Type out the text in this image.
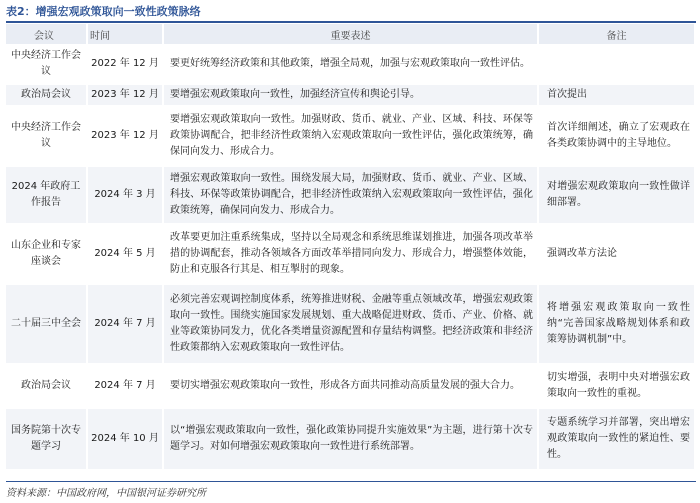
表2：增强宏观政策取向一致性政策脉络
会议	时间	重要表述	备注
中央经济工作会议	2022 年 12 月	要更好统筹经济政策和其他政策，增强全局观，加强与宏观政策取向一致性评估。	
政治局会议	2023 年 12 月	要增强宏观政策取向一致性，加强经济宣传和舆论引导。	首次提出
中央经济工作会议	2023 年 12 月	要增强宏观政策取向一致性。加强财政、货币、就业、产业、区域、科技、环保等政策协调配合，把非经济性政策纳入宏观政策取向一致性评估，强化政策统筹，确保同向发力、形成合力。	首次详细阐述，确立了宏观政在各类政策协调中的主导地位。
2024 年政府工作报告	2024 年 3 月	增强宏观政策取向一致性。围绕发展大局，加强财政、货币、就业、产业、区域、科技、环保等政策协调配合，把非经济性政策纳入宏观政策取向一致性评估，强化政策统筹，确保同向发力、形成合力。	对增强宏观政策取向一致性做详细部署。
山东企业和专家座谈会	2024 年 5 月	改革要更加注重系统集成，坚持以全局观念和系统思维谋划推进，加强各项改革举措的协调配套，推动各领域各方面改革举措同向发力、形成合力，增强整体效能，防止和克服各行其是、相互掣肘的现象。	强调改革方法论
二十届三中全会	2024 年 7 月	必须完善宏观调控制度体系，统筹推进财税、金融等重点领域改革，增强宏观政策取向一致性。围绕实施国家发展规划、重大战略促进财政、货币、产业、价格、就业等政策协同发力，优化各类增量资源配置和存量结构调整。把经济政策和非经济性政策都纳入宏观政策取向一致性评估。	将增强宏观政策取向一致性纳“完善国家战略规划体系和政策筹协调机制”中。
政治局会议	2024 年 7 月	要切实增强宏观政策取向一致性，形成各方面共同推动高质量发展的强大合力。	切实增强，表明中央对增强宏政策取向一致性的重视。
国务院第十次专题学习	2024 年 10 月	以“增强宏观政策取向一致性，强化政策协同提升实施效果”为主题，进行第十次专题学习。对如何增强宏观政策取向一致性进行系统部署。	专题系统学习并部署，突出增宏观政策取向一致性的紧迫性、要性。
资料来源：中国政府网，中国银河证券研究所
